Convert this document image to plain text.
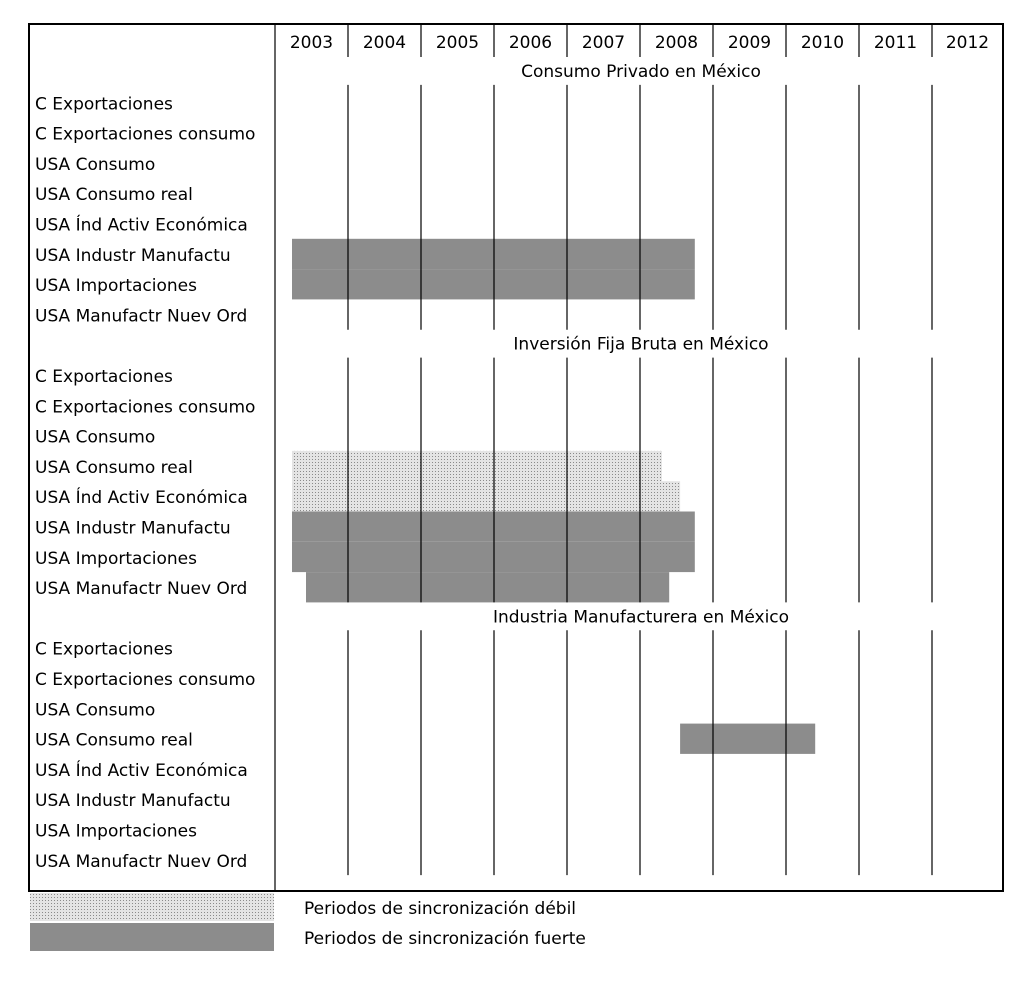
2003 2004 2005 2006 2007 2008 2009 2010 2011 2012
Consumo Privado en México
C Exportaciones
C Exportaciones consumo
USA Consumo
USA Consumo real
USA Índ Activ Económica
USA Industr Manufactu
USA Importaciones
USA Manufactr Nuev Ord
Inversión Fija Bruta en México
C Exportaciones
C Exportaciones consumo
USA Consumo
USA Consumo real
USA Índ Activ Económica
USA Industr Manufactu
USA Importaciones
USA Manufactr Nuev Ord
Industria Manufacturera en México
C Exportaciones
C Exportaciones consumo
USA Consumo
USA Consumo real
USA Índ Activ Económica
USA Industr Manufactu
USA Importaciones
USA Manufactr Nuev Ord
Periodos de sincronización débil
Periodos de sincronización fuerte
